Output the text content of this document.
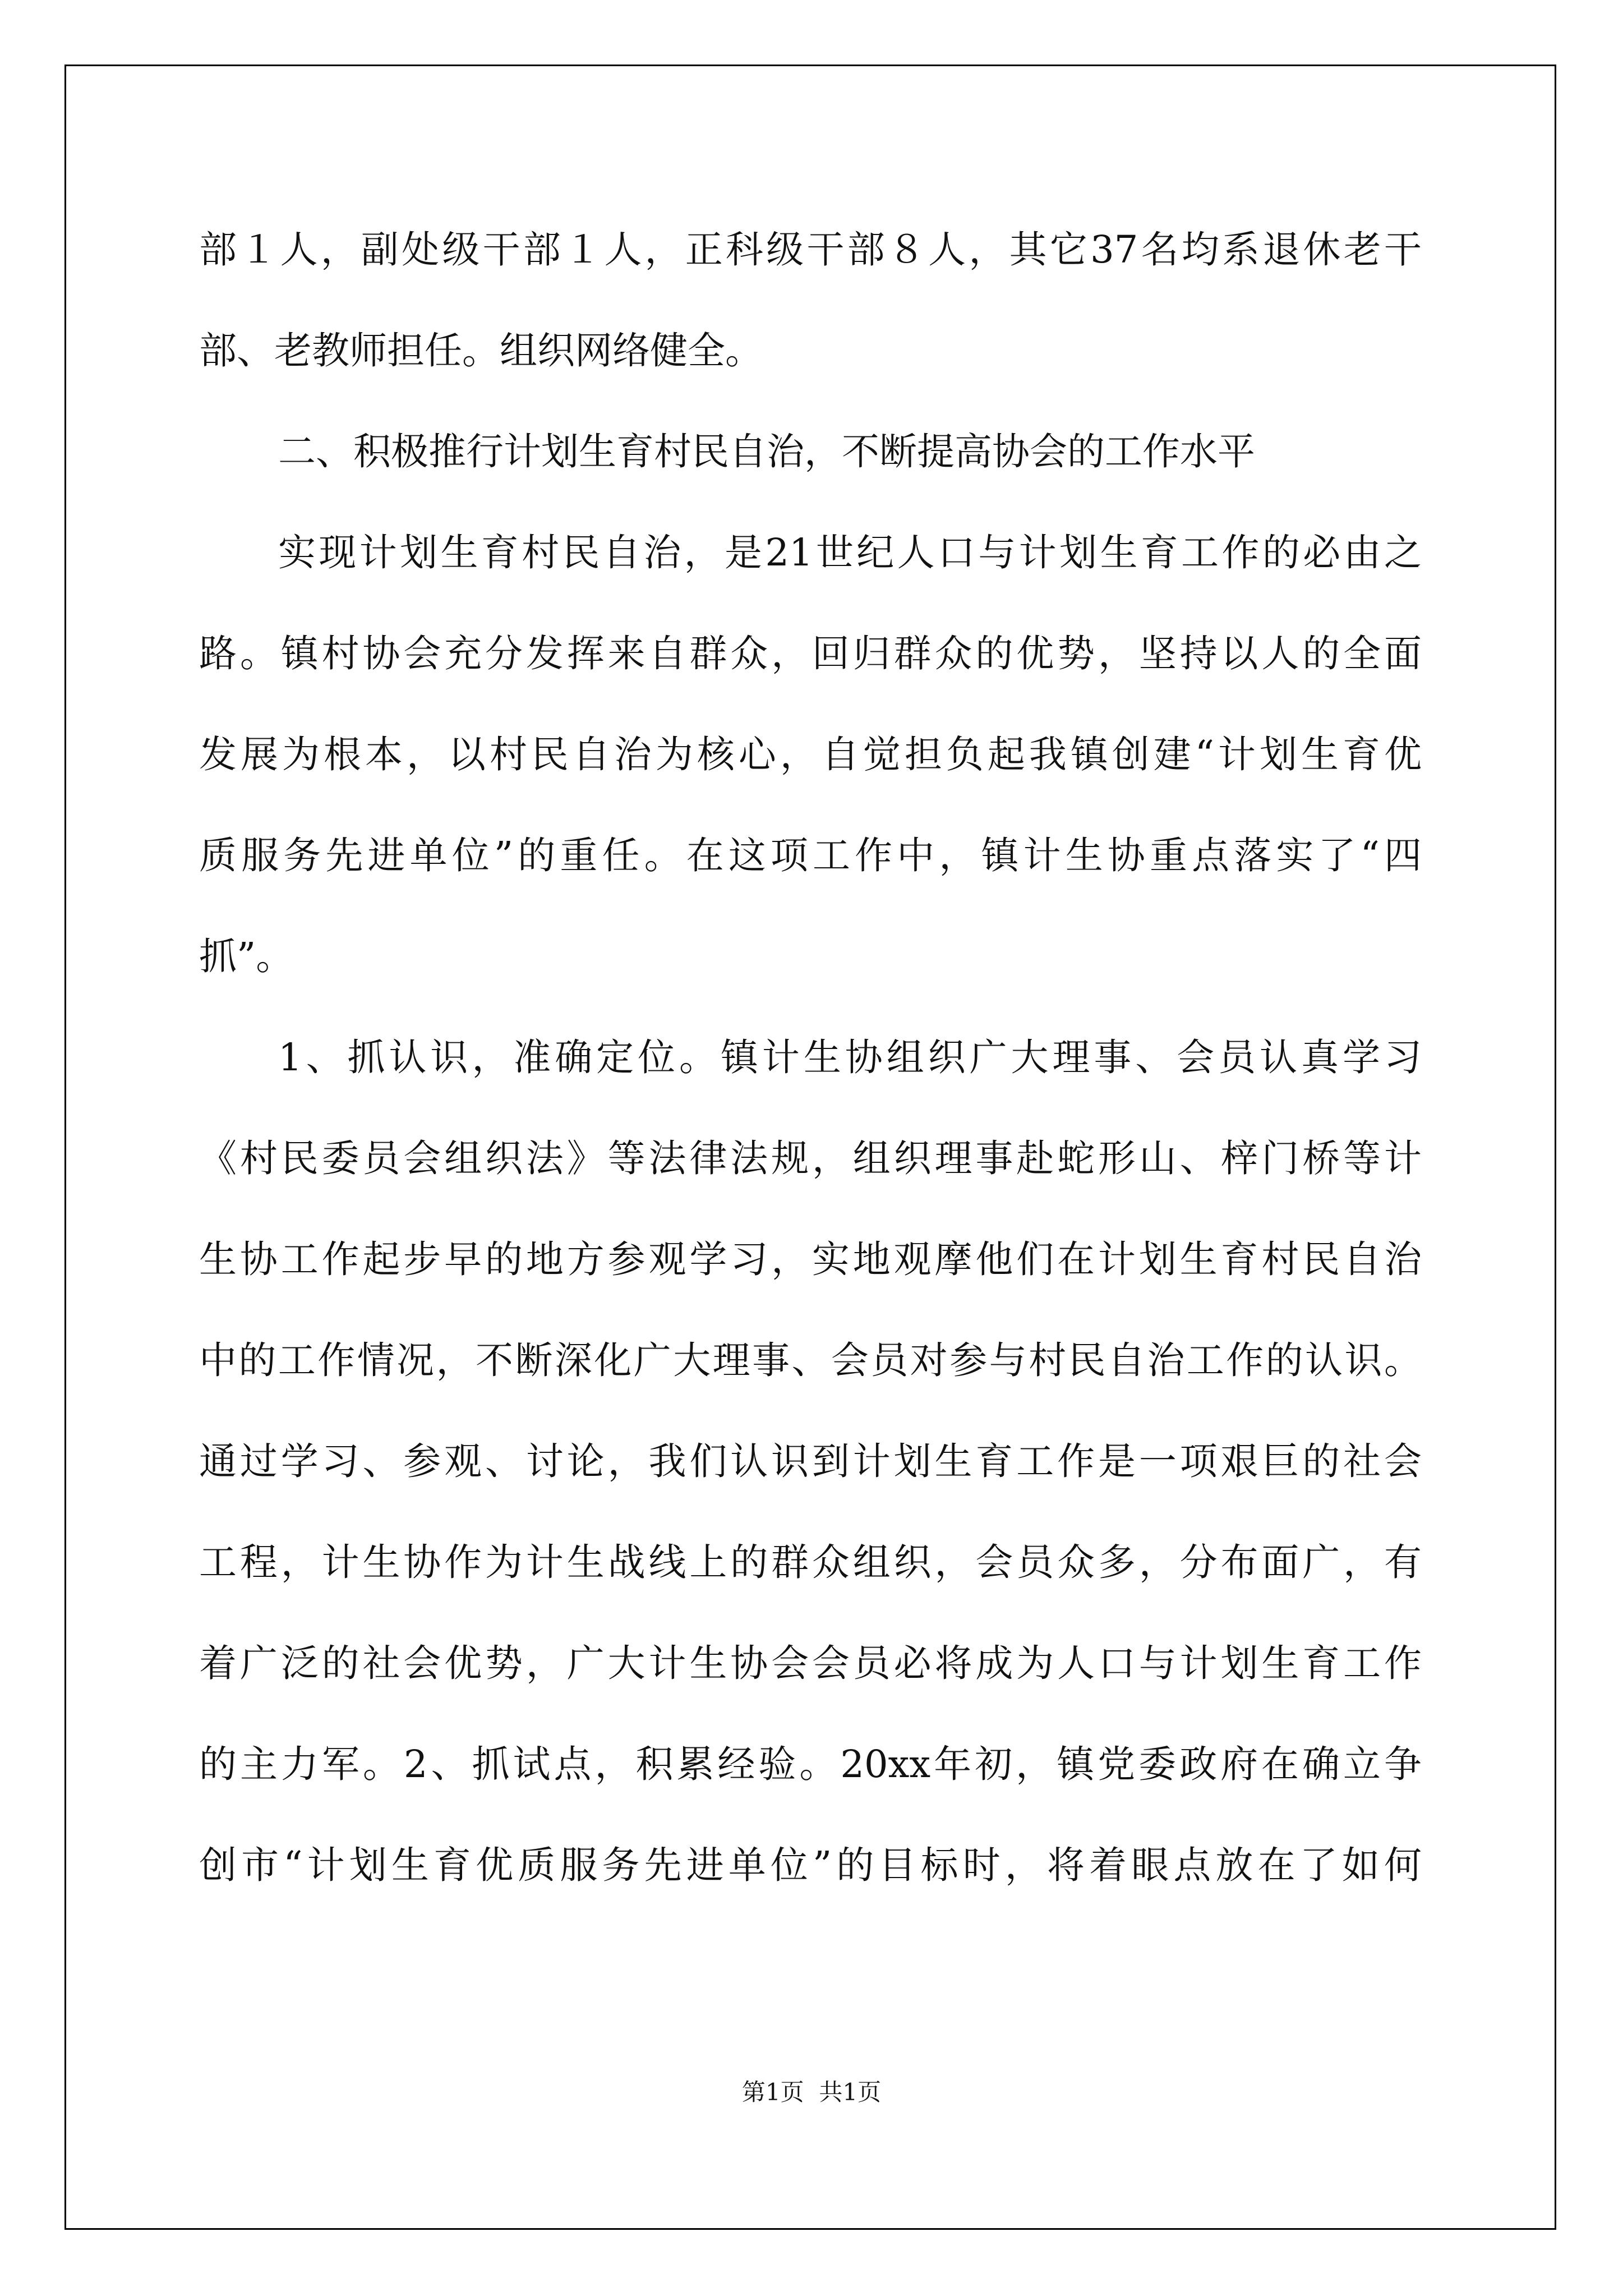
部１人，副处级干部１人，正科级干部８人，其它37名均系退休老干

部、老教师担任。组织网络健全。

二、积极推行计划生育村民自治，不断提高协会的工作水平

实现计划生育村民自治，是21世纪人口与计划生育工作的必由之

路。镇村协会充分发挥来自群众，回归群众的优势，坚持以人的全面

发展为根本，以村民自治为核心，自觉担负起我镇创建“计划生育优

质服务先进单位”的重任。在这项工作中，镇计生协重点落实了“四

抓”。

1、抓认识，准确定位。镇计生协组织广大理事、会员认真学习

《村民委员会组织法》等法律法规，组织理事赴蛇形山、梓门桥等计

生协工作起步早的地方参观学习，实地观摩他们在计划生育村民自治

中的工作情况，不断深化广大理事、会员对参与村民自治工作的认识。

通过学习、参观、讨论，我们认识到计划生育工作是一项艰巨的社会

工程，计生协作为计生战线上的群众组织，会员众多，分布面广，有

着广泛的社会优势，广大计生协会会员必将成为人口与计划生育工作

的主力军。2、抓试点，积累经验。20xx年初，镇党委政府在确立争

创市“计划生育优质服务先进单位”的目标时，将着眼点放在了如何

第1页  共1页
